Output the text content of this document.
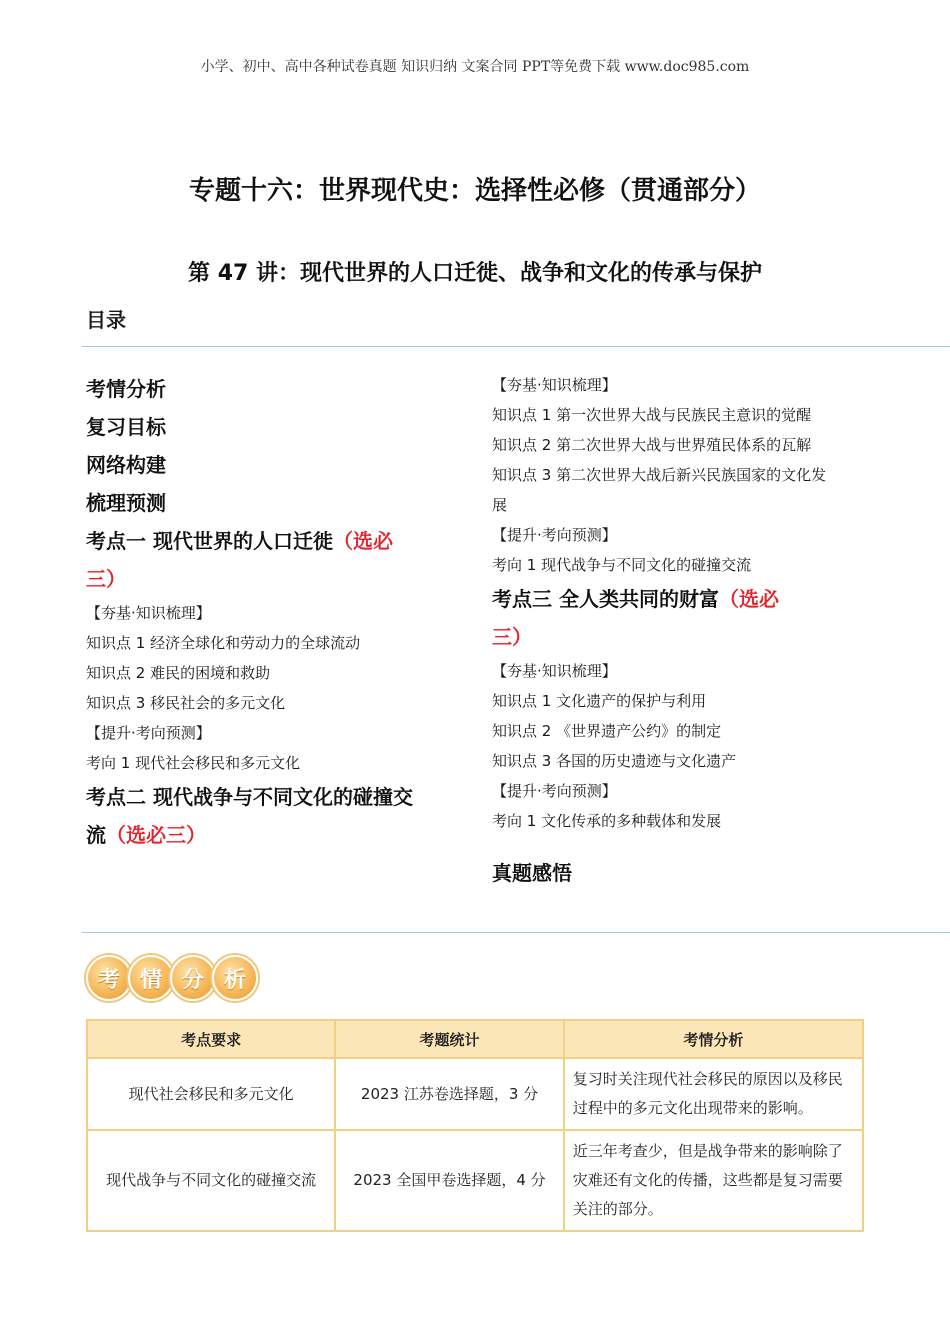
小学、初中、高中各种试卷真题 知识归纳 文案合同 PPT等免费下载 www.doc985.com
专题十六：世界现代史：选择性必修（贯通部分）
第 47 讲：现代世界的人口迁徙、战争和文化的传承与保护
目录
考情分析
复习目标
网络构建
梳理预测
考点一 现代世界的人口迁徙（选必
三）
【夯基·知识梳理】
知识点 1 经济全球化和劳动力的全球流动
知识点 2 难民的困境和救助
知识点 3 移民社会的多元文化
【提升·考向预测】
考向 1 现代社会移民和多元文化
考点二 现代战争与不同文化的碰撞交
流（选必三）
【夯基·知识梳理】
知识点 1 第一次世界大战与民族民主意识的觉醒
知识点 2 第二次世界大战与世界殖民体系的瓦解
知识点 3 第二次世界大战后新兴民族国家的文化发
展
【提升·考向预测】
考向 1 现代战争与不同文化的碰撞交流
考点三 全人类共同的财富（选必
三）
【夯基·知识梳理】
知识点 1 文化遗产的保护与利用
知识点 2 《世界遗产公约》的制定
知识点 3 各国的历史遗迹与文化遗产
【提升·考向预测】
考向 1 文化传承的多种载体和发展
真题感悟
考 情 分 析
考点要求	考题统计	考情分析
现代社会移民和多元文化	2023 江苏卷选择题，3 分	复习时关注现代社会移民的原因以及移民过程中的多元文化出现带来的影响。
现代战争与不同文化的碰撞交流	2023 全国甲卷选择题，4 分	近三年考查少，但是战争带来的影响除了灾难还有文化的传播，这些都是复习需要关注的部分。
